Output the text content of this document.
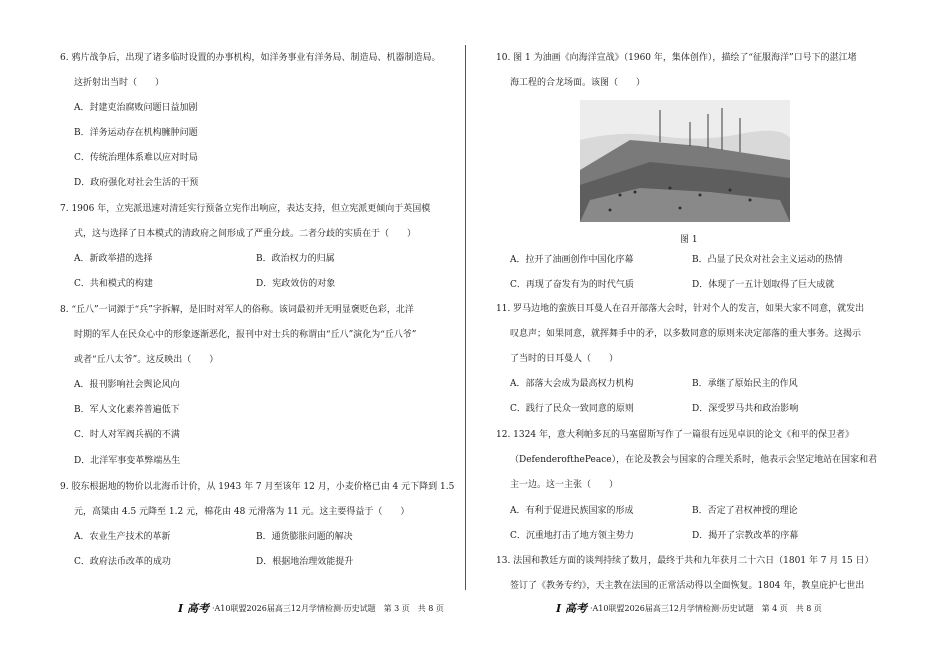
6. 鸦片战争后，出现了诸多临时设置的办事机构，如洋务事业有洋务局、制造局、机器制造局。
这折射出当时（　　）
A．封建吏治腐败问题日益加剧
B．洋务运动存在机构臃肿问题
C．传统治理体系难以应对时局
D．政府强化对社会生活的干预
7. 1906 年，立宪派迅速对清廷实行预备立宪作出响应，表达支持，但立宪派更倾向于英国模
式，这与选择了日本模式的清政府之间形成了严重分歧。二者分歧的实质在于（　　）
A．新政举措的选择	B．政治权力的归属
C．共和模式的构建	D．宪政效仿的对象
8. “丘八”一词源于“兵”字拆解，是旧时对军人的俗称。该词最初并无明显褒贬色彩，北洋
时期的军人在民众心中的形象逐渐恶化，报刊中对士兵的称谓由“丘八”演化为“丘八爷”
或者“丘八太爷”。这反映出（　　）
A．报刊影响社会舆论风向
B．军人文化素养普遍低下
C．时人对军阀兵祸的不满
D．北洋军事变革弊端丛生
9. 胶东根据地的物价以北海币计价，从 1943 年 7 月至该年 12 月，小麦价格已由 4 元下降到 1.5
元，高粱由 4.5 元降至 1.2 元，棉花由 48 元滑落为 11 元。这主要得益于（　　）
A．农业生产技术的革新	B．通货膨胀问题的解决
C．政府法币改革的成功	D．根据地治理效能提升
𝑰 高考 ·A10联盟2026届高三12月学情检测·历史试题　第 3 页　共 8 页
10. 图 1 为油画《向海洋宣战》（1960 年，集体创作），描绘了“征服海洋”口号下的湛江堵
海工程的合龙场面。该图（　　）
图 1
A．拉开了油画创作中国化序幕	B．凸显了民众对社会主义运动的热情
C．再现了奋发有为的时代气质	D．体现了一五计划取得了巨大成就
11. 罗马边地的蛮族日耳曼人在召开部落大会时，针对个人的发言，如果大家不同意，就发出
叹息声；如果同意，就挥舞手中的矛，以多数同意的原则来决定部落的重大事务。这揭示
了当时的日耳曼人（　　）
A．部落大会成为最高权力机构	B．承继了原始民主的作风
C．践行了民众一致同意的原则	D．深受罗马共和政治影响
12. 1324 年，意大利帕多瓦的马塞留斯写作了一篇很有远见卓识的论文《和平的保卫者》
（DefenderofthePeace），在论及教会与国家的合理关系时，他表示会坚定地站在国家和君
主一边。这一主张（　　）
A．有利于促进民族国家的形成	B．否定了君权神授的理论
C．沉重地打击了地方领主势力	D．揭开了宗教改革的序幕
13. 法国和教廷方面的谈判持续了数月，最终于共和九年获月二十六日（1801 年 7 月 15 日）
签订了《教务专约》，天主教在法国的正常活动得以全面恢复。1804 年，教皇庇护七世出
𝑰 高考 ·A10联盟2026届高三12月学情检测·历史试题　第 4 页　共 8 页
